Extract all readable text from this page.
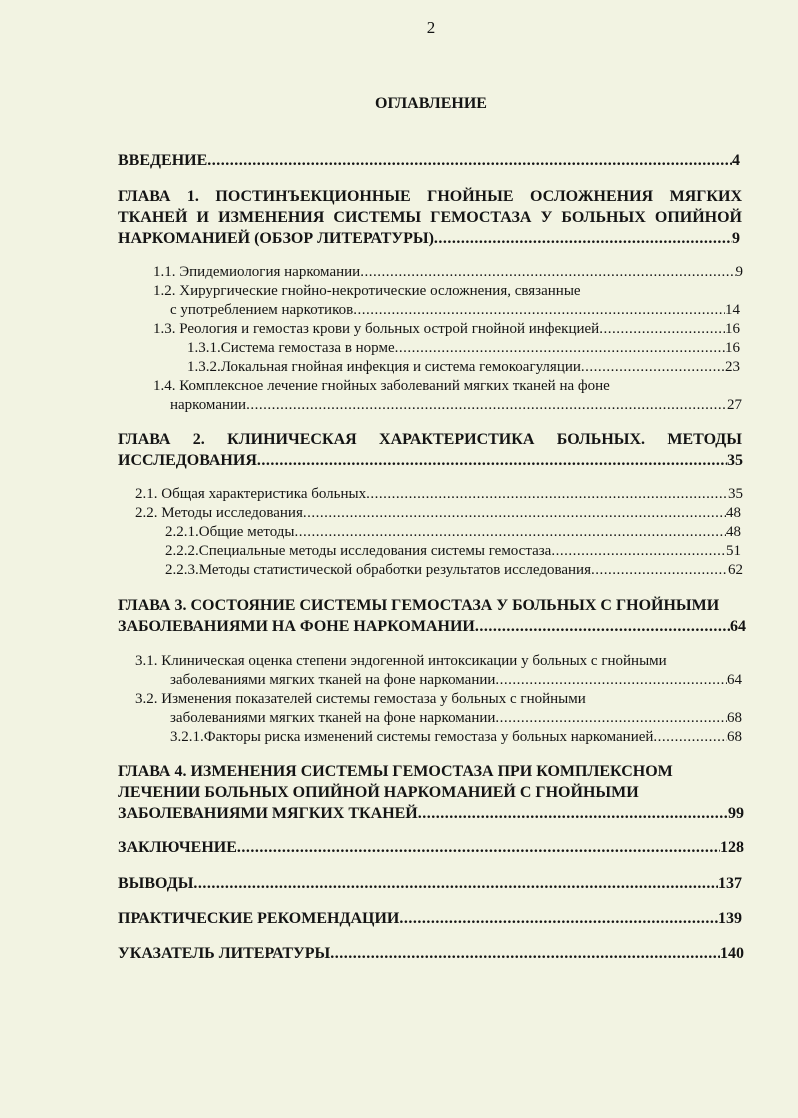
2
ОГЛАВЛЕНИЕ
ВВЕДЕНИЕ .....	4
ГЛАВА 1. ПОСТИНЪЕКЦИОННЫЕ ГНОЙНЫЕ ОСЛОЖНЕНИЯ МЯГКИХ
ТКАНЕЙ И ИЗМЕНЕНИЯ СИСТЕМЫ ГЕМОСТАЗА У БОЛЬНЫХ ОПИЙНОЙ
НАРКОМАНИЕЙ (ОБЗОР ЛИТЕРАТУРЫ) .....	9
1.1. Эпидемиология наркомании .....	9
1.2. Хирургические гнойно-некротические осложнения, связанные
с употреблением наркотиков .....	14
1.3. Реология и гемостаз крови у больных острой гнойной инфекцией .....	16
1.3.1.Система гемостаза в норме .....	16
1.3.2.Локальная гнойная инфекция и система гемокоагуляции .....	23
1.4. Комплексное лечение гнойных заболеваний мягких тканей на фоне
наркомании .....	27
ГЛАВА 2. КЛИНИЧЕСКАЯ ХАРАКТЕРИСТИКА БОЛЬНЫХ. МЕТОДЫ
ИССЛЕДОВАНИЯ .....	35
2.1. Общая характеристика больных .....	35
2.2. Методы исследования .....	48
2.2.1.Общие методы .....	48
2.2.2.Специальные методы исследования системы гемостаза .....	51
2.2.3.Методы статистической обработки результатов исследования .....	62
ГЛАВА 3. СОСТОЯНИЕ СИСТЕМЫ ГЕМОСТАЗА У БОЛЬНЫХ С ГНОЙНЫМИ
ЗАБОЛЕВАНИЯМИ НА ФОНЕ НАРКОМАНИИ .....	64
3.1. Клиническая оценка степени эндогенной интоксикации у больных с гнойными
заболеваниями мягких тканей на фоне наркомании .....	64
3.2. Изменения показателей системы гемостаза у больных с гнойными
заболеваниями мягких тканей на фоне наркомании .....	68
3.2.1.Факторы риска изменений системы гемостаза у больных наркоманией .....	68
ГЛАВА 4. ИЗМЕНЕНИЯ СИСТЕМЫ ГЕМОСТАЗА ПРИ КОМПЛЕКСНОМ
ЛЕЧЕНИИ БОЛЬНЫХ ОПИЙНОЙ НАРКОМАНИЕЙ С ГНОЙНЫМИ
ЗАБОЛЕВАНИЯМИ МЯГКИХ ТКАНЕЙ .....	99
ЗАКЛЮЧЕНИЕ .....	128
ВЫВОДЫ .....	137
ПРАКТИЧЕСКИЕ РЕКОМЕНДАЦИИ .....	139
УКАЗАТЕЛЬ ЛИТЕРАТУРЫ .....	140
